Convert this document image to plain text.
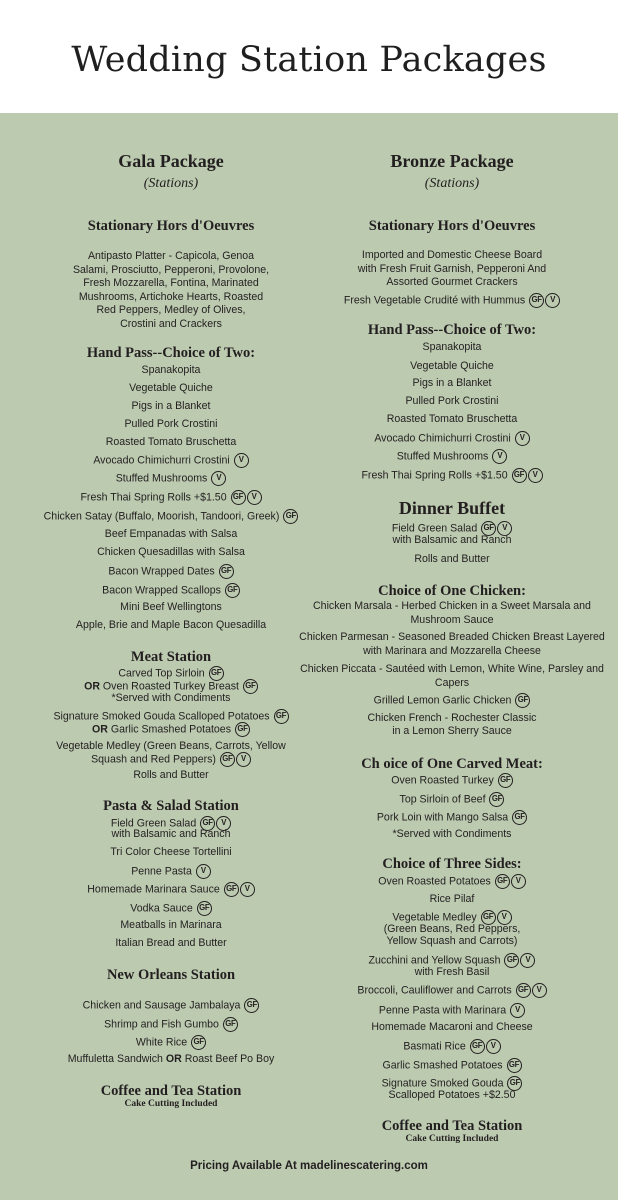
Wedding Station Packages
Gala Package
(Stations)
Stationary Hors d'Oeuvres
Antipasto Platter - Capicola, Genoa
Salami, Prosciutto, Pepperoni, Provolone,
Fresh Mozzarella, Fontina, Marinated
Mushrooms, Artichoke Hearts, Roasted
Red Peppers, Medley of Olives,
Crostini and Crackers
Hand Pass--Choice of Two:
Spanakopita
Vegetable Quiche
Pigs in a Blanket
Pulled Pork Crostini
Roasted Tomato Bruschetta
Avocado Chimichurri Crostini V
Stuffed Mushrooms V
Fresh Thai Spring Rolls +$1.50 GF V
Chicken Satay (Buffalo, Moorish, Tandoori, Greek) GF
Beef Empanadas with Salsa
Chicken Quesadillas with Salsa
Bacon Wrapped Dates GF
Bacon Wrapped Scallops GF
Mini Beef Wellingtons
Apple, Brie and Maple Bacon Quesadilla
Meat Station
Carved Top Sirloin GF
OR Oven Roasted Turkey Breast GF
*Served with Condiments
Signature Smoked Gouda Scalloped Potatoes GF
OR Garlic Smashed Potatoes GF
Vegetable Medley (Green Beans, Carrots, Yellow
Squash and Red Peppers) GF V
Rolls and Butter
Pasta & Salad Station
Field Green Salad GF V
with Balsamic and Ranch
Tri Color Cheese Tortellini
Penne Pasta V
Homemade Marinara Sauce GF V
Vodka Sauce GF
Meatballs in Marinara
Italian Bread and Butter
New Orleans Station
Chicken and Sausage Jambalaya GF
Shrimp and Fish Gumbo GF
White Rice GF
Muffuletta Sandwich OR Roast Beef Po Boy
Coffee and Tea Station
Cake Cutting Included
Bronze Package
(Stations)
Stationary Hors d'Oeuvres
Imported and Domestic Cheese Board
with Fresh Fruit Garnish, Pepperoni And
Assorted Gourmet Crackers
Fresh Vegetable Crudité with Hummus GF V
Hand Pass--Choice of Two:
Spanakopita
Vegetable Quiche
Pigs in a Blanket
Pulled Pork Crostini
Roasted Tomato Bruschetta
Avocado Chimichurri Crostini V
Stuffed Mushrooms V
Fresh Thai Spring Rolls +$1.50 GF V
Dinner Buffet
Field Green Salad GF V
with Balsamic and Ranch
Rolls and Butter
Choice of One Chicken:
Chicken Marsala - Herbed Chicken in a Sweet Marsala and Mushroom Sauce
Chicken Parmesan - Seasoned Breaded Chicken Breast Layered with Marinara and Mozzarella Cheese
Chicken Piccata - Sautéed with Lemon, White Wine, Parsley and Capers
Grilled Lemon Garlic Chicken GF
Chicken French - Rochester Classic
in a Lemon Sherry Sauce
Ch oice of One Carved Meat:
Oven Roasted Turkey GF
Top Sirloin of Beef GF
Pork Loin with Mango Salsa GF
*Served with Condiments
Choice of Three Sides:
Oven Roasted Potatoes GF V
Rice Pilaf
Vegetable Medley GF V
(Green Beans, Red Peppers,
Yellow Squash and Carrots)
Zucchini and Yellow Squash GF V
with Fresh Basil
Broccoli, Cauliflower and Carrots GF V
Penne Pasta with Marinara V
Homemade Macaroni and Cheese
Basmati Rice GF V
Garlic Smashed Potatoes GF
Signature Smoked Gouda GF
Scalloped Potatoes +$2.50
Coffee and Tea Station
Cake Cutting Included
Pricing Available At madelinescatering.com
